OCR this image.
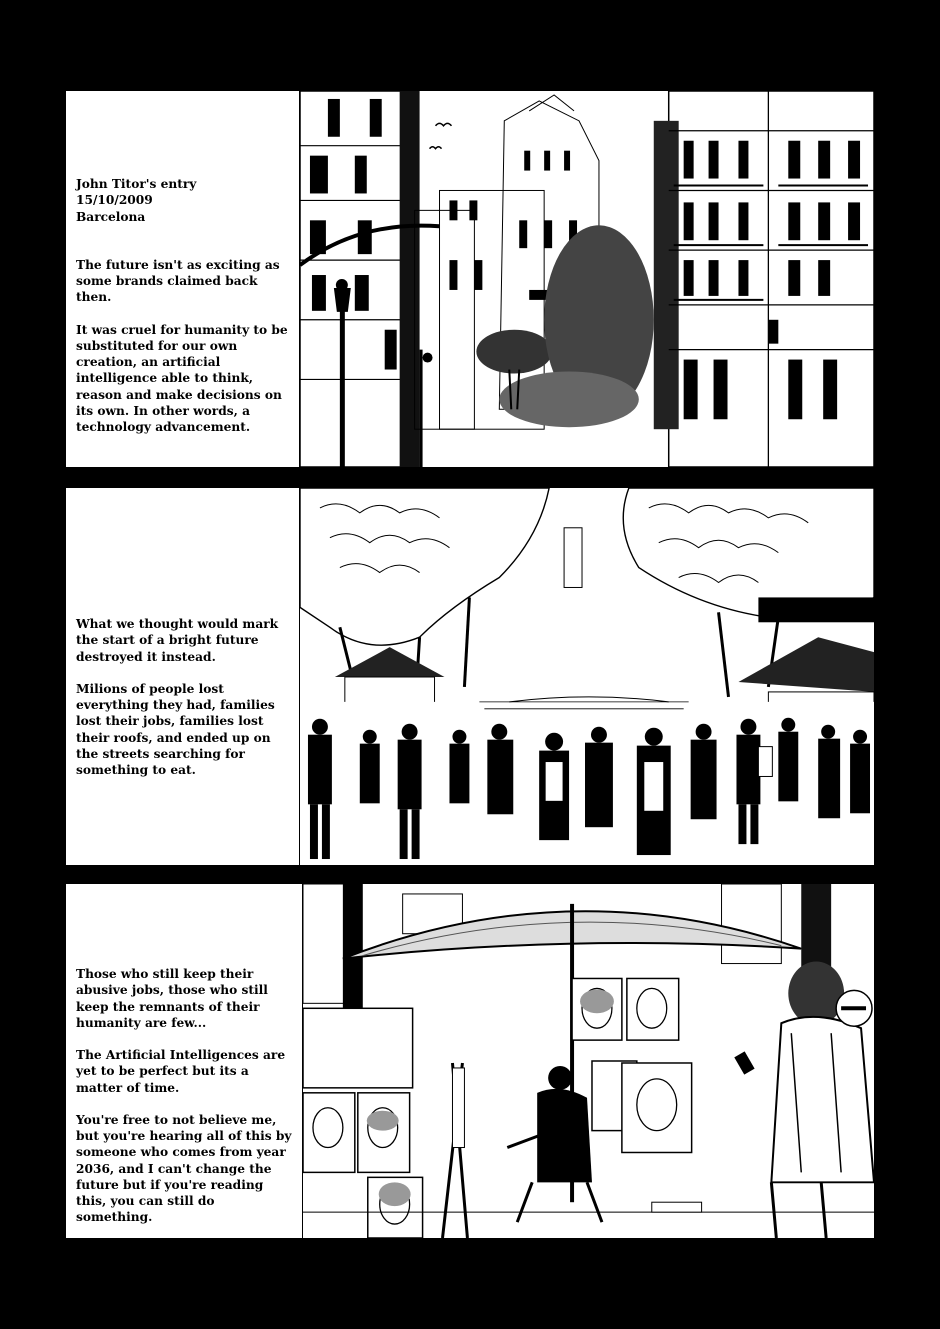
John Titor's entry
15/10/2009
Barcelona

The future isn't as exciting as some brands claimed back then.

It was cruel for humanity to be substituted for our own creation, an artificial intelligence able to think, reason and make decisions on its own. In other words, a technology advancement.

What we thought would mark the start of a bright future destroyed it instead.

Milions of people lost everything they had, families lost their jobs, families lost their roofs, and ended up on the streets searching for something to eat.

Those who still keep their abusive jobs, those who still keep the remnants of their humanity are few...

The Artificial Intelligences are yet to be perfect but its a matter of time.

You're free to not believe me, but you're hearing all of this by someone who comes from year 2036, and I can't change the future but if you're reading this, you can still do something.
